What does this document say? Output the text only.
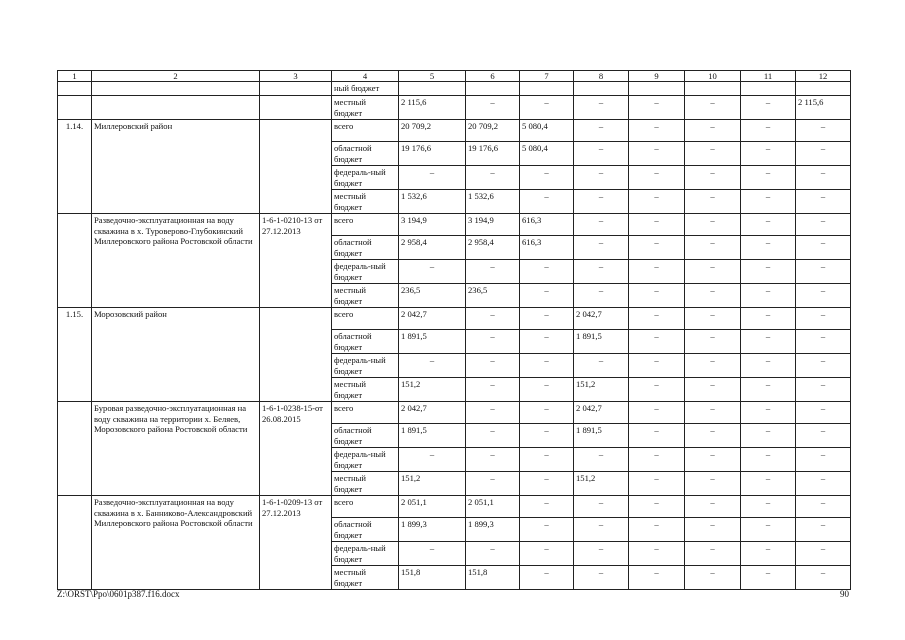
1	2	3	4	5	6	7	8	9	10	11	12
			ный бюджет								
			местный бюджет	2 115,6	–	–	–	–	–	–	2 115,6
1.14.	Миллеровский район		всего	20 709,2	20 709,2	5 080,4	–	–	–	–	–
			областной бюджет	19 176,6	19 176,6	5 080,4	–	–	–	–	–
			федераль-ный бюджет	–	–	–	–	–	–	–	–
			местный бюджет	1 532,6	1 532,6	–	–	–	–	–	–
	Разведочно-эксплуатационная на воду скважина в х. Туроверово-Глубокинский Миллеровского района Ростовской области	1-6-1-0210-13 от 27.12.2013	всего	3 194,9	3 194,9	616,3	–	–	–	–	–
			областной бюджет	2 958,4	2 958,4	616,3	–	–	–	–	–
			федераль-ный бюджет	–	–	–	–	–	–	–	–
			местный бюджет	236,5	236,5	–	–	–	–	–	–
1.15.	Морозовский район		всего	2 042,7	–	–	2 042,7	–	–	–	–
			областной бюджет	1 891,5	–	–	1 891,5	–	–	–	–
			федераль-ный бюджет	–	–	–	–	–	–	–	–
			местный бюджет	151,2	–	–	151,2	–	–	–	–
	Буровая разведочно-эксплуатационная на воду скважина на территории х. Беляев, Морозовского района Ростовской области	1-6-1-0238-15-от 26.08.2015	всего	2 042,7	–	–	2 042,7	–	–	–	–
			областной бюджет	1 891,5	–	–	1 891,5	–	–	–	–
			федераль-ный бюджет	–	–	–	–	–	–	–	–
			местный бюджет	151,2	–	–	151,2	–	–	–	–
	Разведочно-эксплуатационная на воду скважина в х. Банниково-Александровский Миллеровского района Ростовской области	1-6-1-0209-13 от 27.12.2013	всего	2 051,1	2 051,1	–	–	–	–	–	–
			областной бюджет	1 899,3	1 899,3	–	–	–	–	–	–
			федераль-ный бюджет	–	–	–	–	–	–	–	–
			местный бюджет	151,8	151,8	–	–	–	–	–	–
Z:\ORST\Ppo\0601p387.f16.docx	90
